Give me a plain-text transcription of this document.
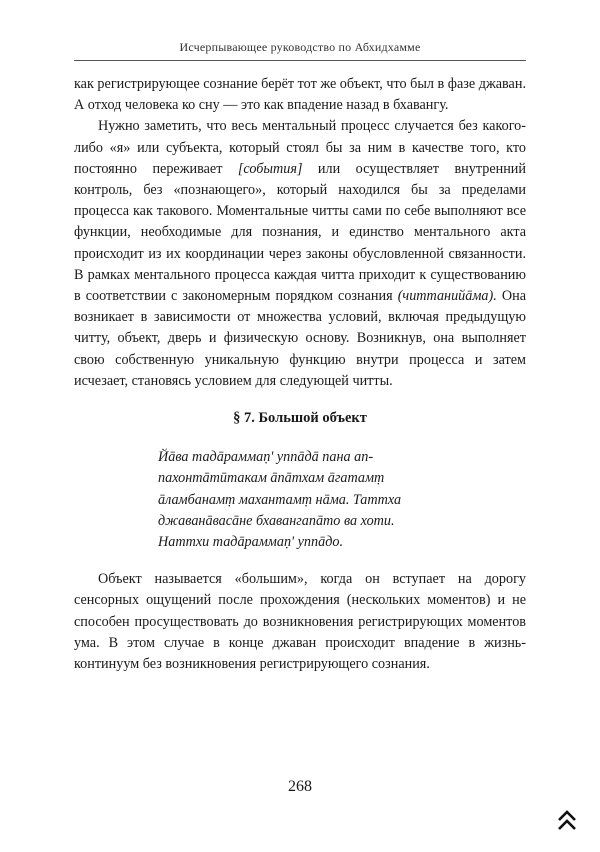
Исчерпывающее руководство по Абхидхамме

как регистрирующее сознание берёт тот же объект, что был в фазе джаван. А отход человека ко сну — это как впадение назад в бхавангу.

Нужно заметить, что весь ментальный процесс случается без какого-либо «я» или субъекта, который стоял бы за ним в качестве того, кто постоянно переживает [события] или осуществляет внутренний контроль, без «познающего», который находился бы за пределами процесса как такового. Моментальные читты сами по себе выполняют все функции, необходимые для познания, и единство ментального акта происходит из их координации через законы обусловленной связанности. В рамках ментального процесса каждая читта приходит к существованию в соответствии с закономерным порядком сознания (читтанийāма). Она возникает в зависимости от множества условий, включая предыдущую читту, объект, дверь и физическую основу. Возникнув, она выполняет свою собственную уникальную функцию внутри процесса и затем исчезает, становясь условием для следующей читты.

§ 7. Большой объект
Йāва тадāраммаṇ' уппāдā пана ап-
пахонтāтӣтакам āпāтхам āгатамṃ
āламбанамṃ махантамṃ нāма. Таттха
джаванāвасāне бхавангапāто ва хоти.
Наттхи тадāраммаṇ' уппāдо.

Объект называется «большим», когда он вступает на дорогу сенсорных ощущений после прохождения (нескольких моментов) и не способен просуществовать до возникновения регистрирующих моментов ума. В этом случае в конце джаван происходит впадение в жизнь-континуум без возникновения регистрирующего сознания.

268
